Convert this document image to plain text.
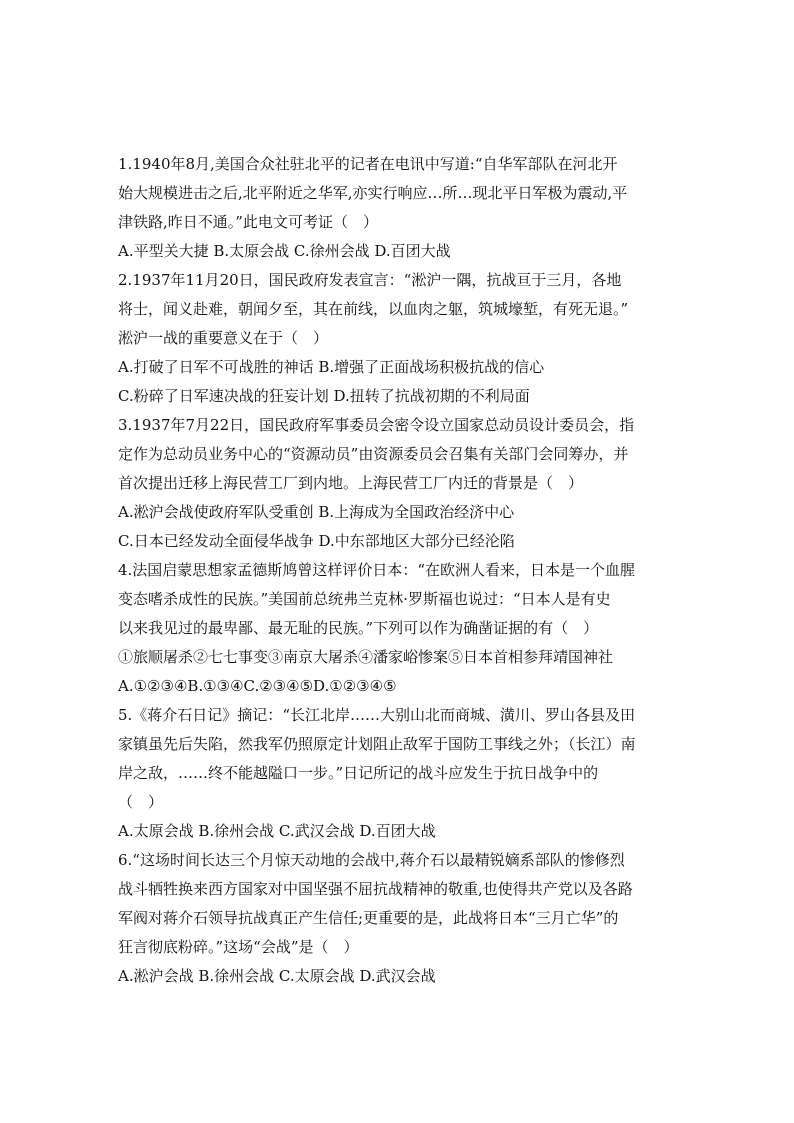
1.1940年8月,美国合众社驻北平的记者在电讯中写道:“自华军部队在河北开
始大规模进击之后,北平附近之华军,亦实行响应…所…现北平日军极为震动,平
津铁路,昨日不通。”此电文可考证（　）
A.平型关大捷 B.太原会战 C.徐州会战 D.百团大战
2.1937年11月20日，国民政府发表宣言：“淞沪一隅，抗战亘于三月，各地
将士，闻义赴难，朝闻夕至，其在前线，以血肉之躯，筑城壕堑，有死无退。”
淞沪一战的重要意义在于（　）
A.打破了日军不可战胜的神话 B.增强了正面战场积极抗战的信心
C.粉碎了日军速决战的狂妄计划 D.扭转了抗战初期的不利局面
3.1937年7月22日，国民政府军事委员会密令设立国家总动员设计委员会，指
定作为总动员业务中心的“资源动员”由资源委员会召集有关部门会同筹办，并
首次提出迁移上海民营工厂到内地。上海民营工厂内迁的背景是（　）
A.淞沪会战使政府军队受重创 B.上海成为全国政治经济中心
C.日本已经发动全面侵华战争 D.中东部地区大部分已经沦陷
4.法国启蒙思想家孟德斯鸠曾这样评价日本：“在欧洲人看来，日本是一个血腥
变态嗜杀成性的民族。”美国前总统弗兰克林·罗斯福也说过：“日本人是有史
以来我见过的最卑鄙、最无耻的民族。”下列可以作为确凿证据的有（　）
①旅顺屠杀②七七事变③南京大屠杀④潘家峪惨案⑤日本首相参拜靖国神社
A.①②③④B.①③④C.②③④⑤D.①②③④⑤
5.《蒋介石日记》摘记：“长江北岸……大别山北而商城、潢川、罗山各县及田
家镇虽先后失陷，然我军仍照原定计划阻止敌军于国防工事线之外；（长江）南
岸之敌，……终不能越隘口一步。”日记所记的战斗应发生于抗日战争中的
（　）
A.太原会战 B.徐州会战 C.武汉会战 D.百团大战
6.“这场时间长达三个月惊天动地的会战中,蒋介石以最精锐嫡系部队的惨修烈
战斗牺牲换来西方国家对中国坚强不屈抗战精神的敬重,也使得共产党以及各路
军阀对蒋介石领导抗战真正产生信任;更重要的是，此战将日本“三月亡华”的
狂言彻底粉碎。”这场“会战”是（　）
A.淞沪会战 B.徐州会战 C.太原会战 D.武汉会战
